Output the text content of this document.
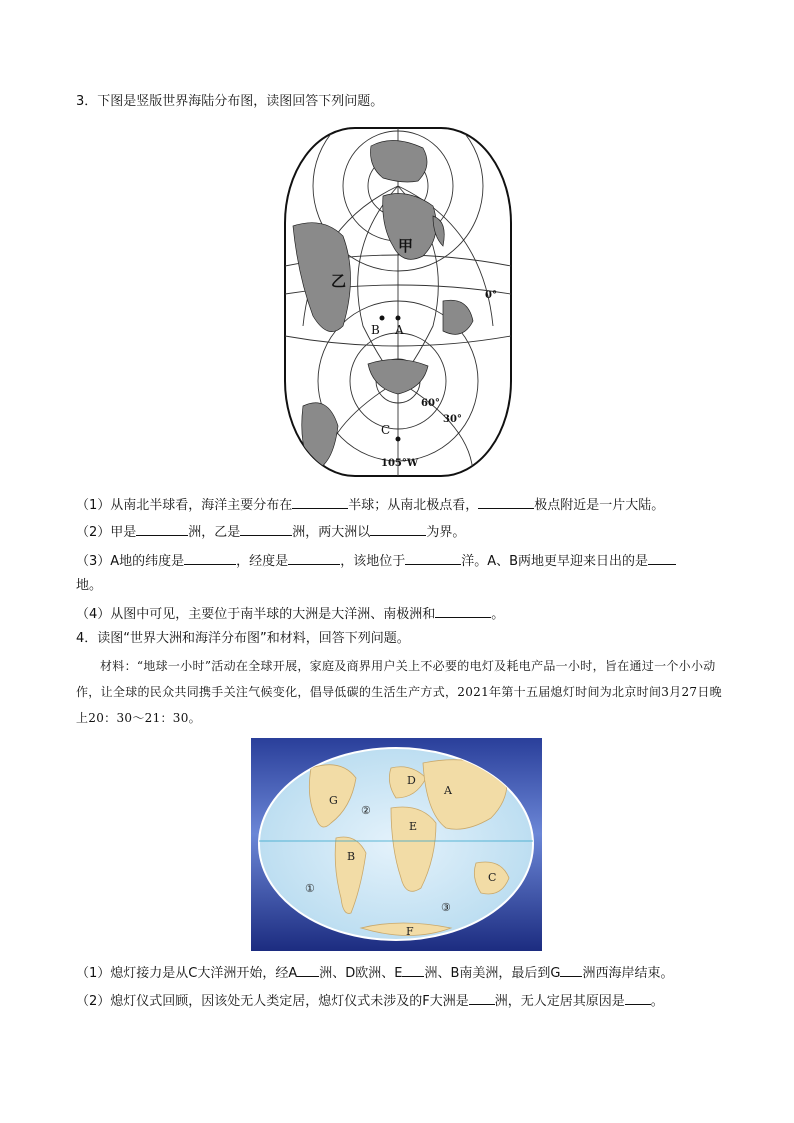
3．下图是竖版世界海陆分布图，读图回答下列问题。
甲
乙
0°
B A
60°
30°
C
105°W
（1）从南北半球看，海洋主要分布在	半球；从南北极点看，	极点附近是一片大陆。
（2）甲是	洲，乙是	洲，两大洲以	为界。
（3）A地的纬度是	，经度是	，该地位于	洋。A、B两地更早迎来日出的是
地。
（4）从图中可见，主要位于南半球的大洲是大洋洲、南极洲和	。
4．读图“世界大洲和海洋分布图”和材料，回答下列问题。
材料：“地球一小时”活动在全球开展，家庭及商界用户关上不必要的电灯及耗电产品一小时，旨在通过一个小小动作，让全球的民众共同携手关注气候变化，倡导低碳的生活生产方式，2021年第十五届熄灯时间为北京时间3月27日晚上20：30～21：30。
G
D
A
E
B
C
F
①
②
③
（1）熄灯接力是从C大洋洲开始，经A 洲、D欧洲、E 洲、B南美洲，最后到G 洲西海岸结束。
（2）熄灯仪式回顾，因该处无人类定居，熄灯仪式未涉及的F大洲是 洲，无人定居其原因是 。
